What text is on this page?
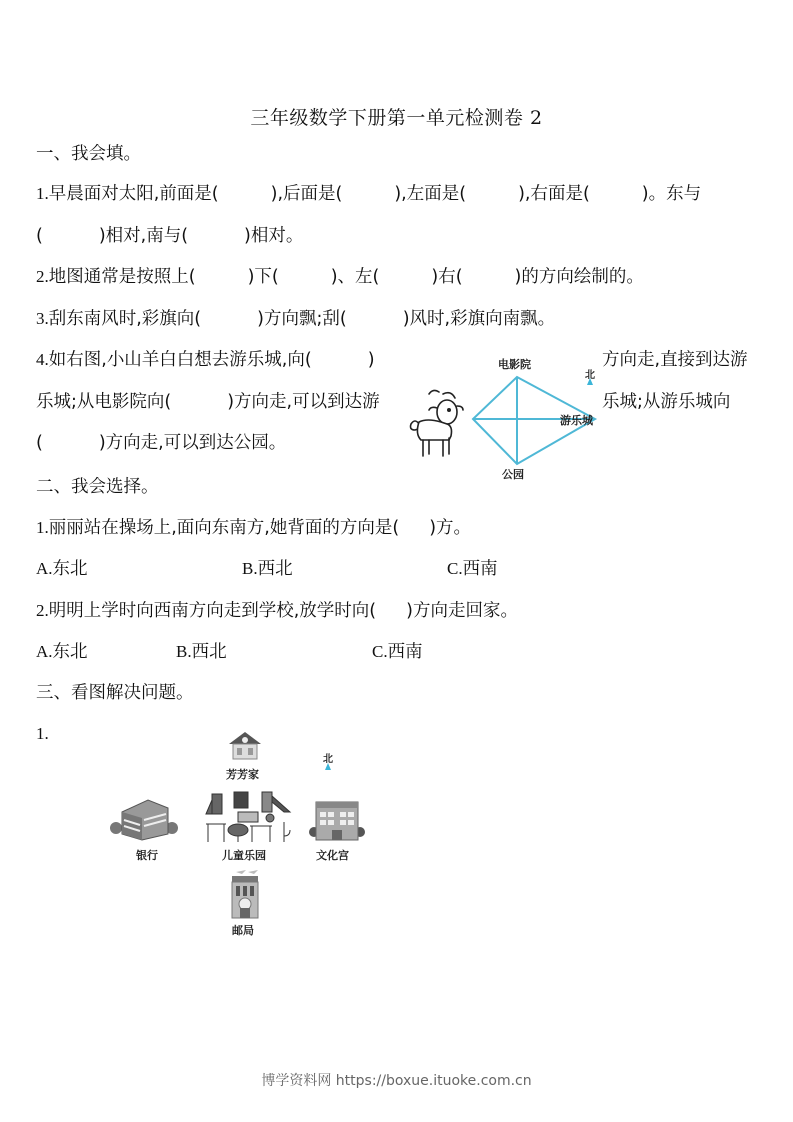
三年级数学下册第一单元检测卷 2
一、我会填。
1.早晨面对太阳,前面是(	),后面是(	),左面是(	),右面是(	)。东与
(	)相对,南与(	)相对。
2.地图通常是按照上(	)下(	)、左(	)右(	)的方向绘制的。
3.刮东南风时,彩旗向(	)方向飘;刮(	)风时,彩旗向南飘。
4.如右图,小山羊白白想去游乐城,向(	)
乐城;从电影院向(	)方向走,可以到达游
(	)方向走,可以到达公园。
方向走,直接到达游
乐城;从游乐城向
电影院
游乐城
公园
北
二、我会选择。
1.丽丽站在操场上,面向东南方,她背面的方向是( )方。
A.东北	B.西北	C.西南
2.明明上学时向西南方向走到学校,放学时向( )方向走回家。
A.东北	B.西北	C.西南
三、看图解决问题。
1.
芳芳家
儿童乐园
银行	文化宫
邮局
北
博学资料网 https://boxue.ituoke.com.cn
